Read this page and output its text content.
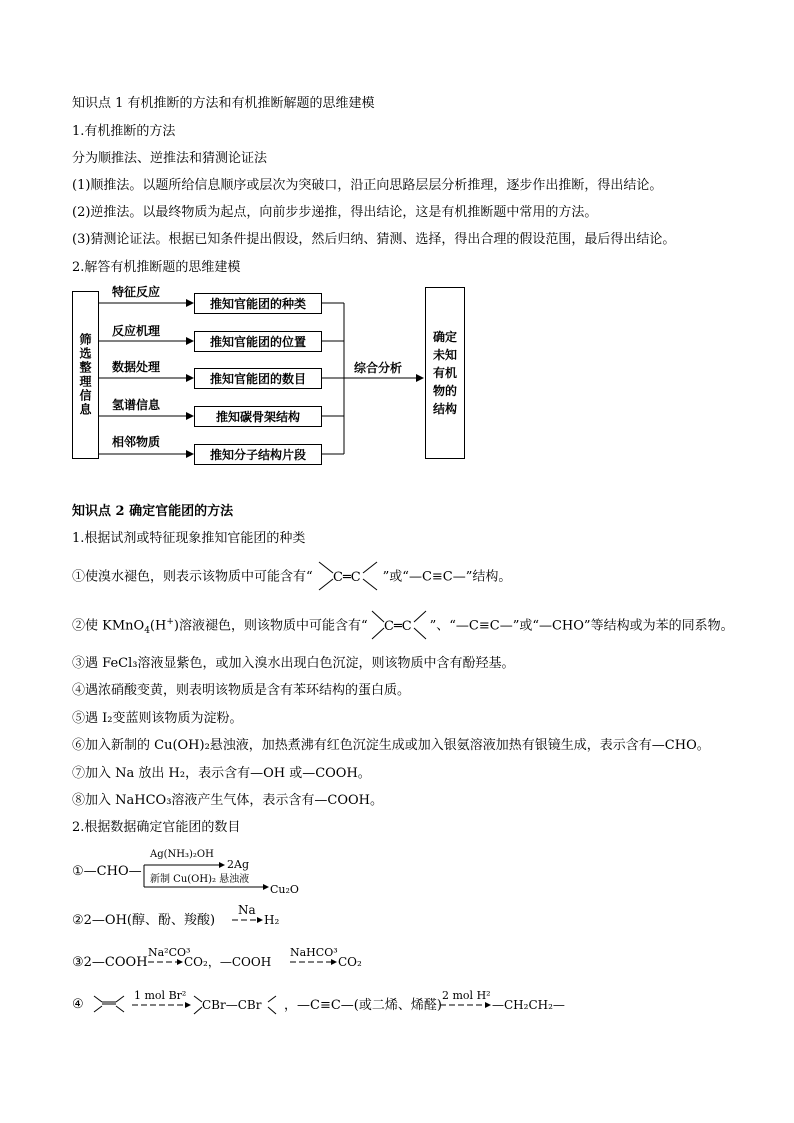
知识点 1 有机推断的方法和有机推断解题的思维建模
1.有机推断的方法
分为顺推法、逆推法和猜测论证法
(1)顺推法。以题所给信息顺序或层次为突破口，沿正向思路层层分析推理，逐步作出推断，得出结论。
(2)逆推法。以最终物质为起点，向前步步递推，得出结论，这是有机推断题中常用的方法。
(3)猜测论证法。根据已知条件提出假设，然后归纳、猜测、选择，得出合理的假设范围，最后得出结论。
2.解答有机推断题的思维建模
筛选整理信息
特征反应
反应机理
数据处理
氢谱信息
相邻物质
推知官能团的种类
推知官能团的位置
推知官能团的数目
推知碳骨架结构
推知分子结构片段
综合分析
确定未知有机物的结构
知识点 2 确定官能团的方法
1.根据试剂或特征现象推知官能团的种类
①使溴水褪色，则表示该物质中可能含有“ C═C ”或“—C≡C—”结构。
②使 KMnO$_4$(H+)溶液褪色，则该物质中可能含有“ C═C ”、“—C≡C—”或“—CHO”等结构或为苯的同系物。
③遇 FeCl₃溶液显紫色，或加入溴水出现白色沉淀，则该物质中含有酚羟基。
④遇浓硝酸变黄，则表明该物质是含有苯环结构的蛋白质。
⑤遇 I₂变蓝则该物质为淀粉。
⑥加入新制的 Cu(OH)₂悬浊液，加热煮沸有红色沉淀生成或加入银氨溶液加热有银镜生成，表示含有—CHO。
⑦加入 Na 放出 H₂，表示含有—OH 或—COOH。
⑧加入 NaHCO₃溶液产生气体，表示含有—COOH。
2.根据数据确定官能团的数目
①—CHO—
Ag(NH₃)₂OH
2Ag
新制 Cu(OH)₂ 悬浊液
Cu₂O
②2—OH(醇、酚、羧酸)
Na
H₂
③2—COOH
Na²CO³
CO₂，—COOH
NaHCO³
CO₂
④
1 mol Br²
CBr—CBr ，—C≡C—(或二烯、烯醛)
2 mol H²
—CH₂CH₂—
